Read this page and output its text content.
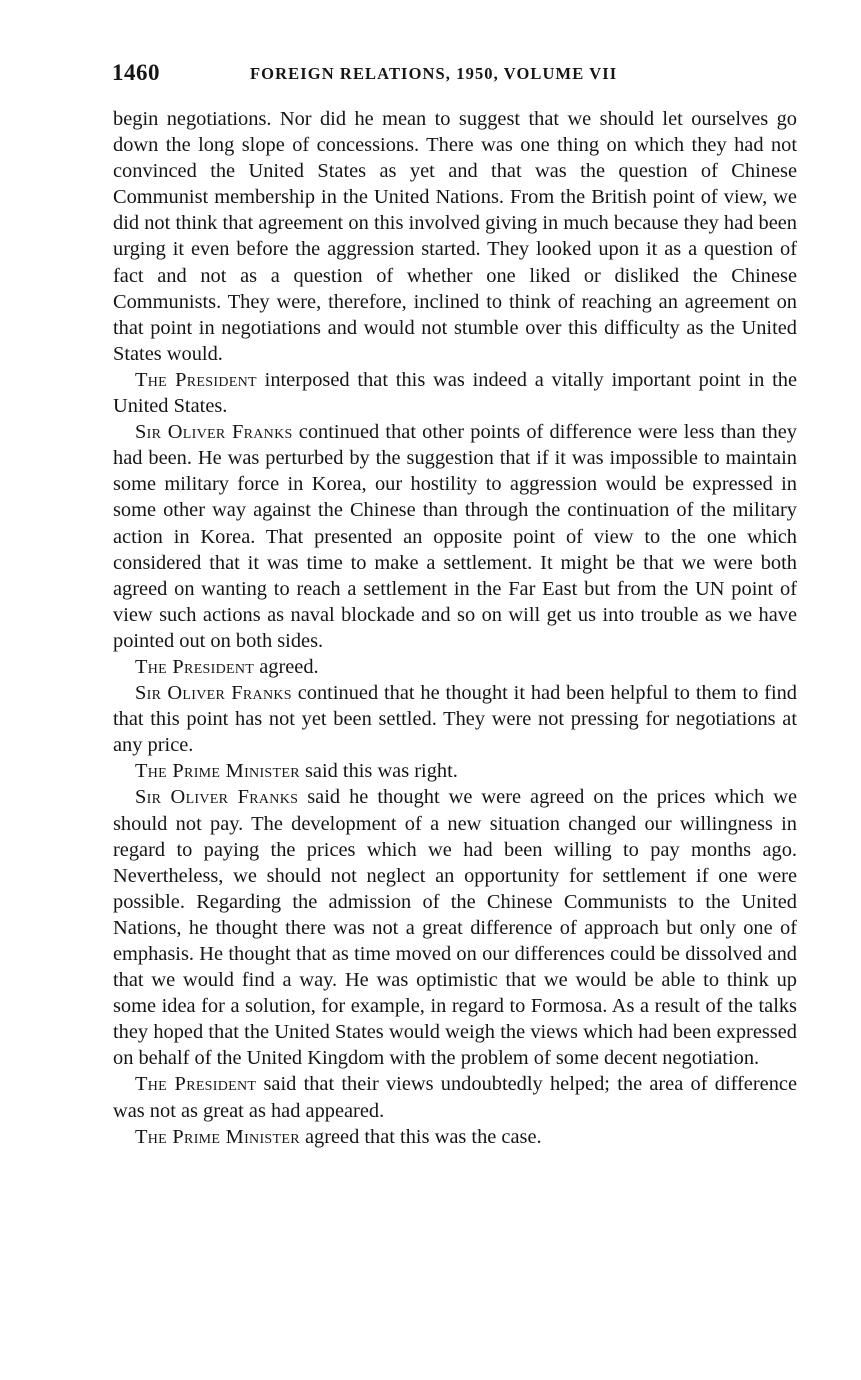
1460	FOREIGN RELATIONS, 1950, VOLUME VII

begin negotiations. Nor did he mean to suggest that we should let ourselves go down the long slope of concessions. There was one thing on which they had not convinced the United States as yet and that was the question of Chinese Communist membership in the United Nations. From the British point of view, we did not think that agreement on this involved giving in much because they had been urging it even before the aggression started. They looked upon it as a question of fact and not as a question of whether one liked or disliked the Chinese Communists. They were, therefore, inclined to think of reaching an agreement on that point in negotiations and would not stumble over this difficulty as the United States would.

The President interposed that this was indeed a vitally important point in the United States.

Sir Oliver Franks continued that other points of difference were less than they had been. He was perturbed by the suggestion that if it was impossible to maintain some military force in Korea, our hostility to aggression would be expressed in some other way against the Chinese than through the continuation of the military action in Korea. That presented an opposite point of view to the one which considered that it was time to make a settlement. It might be that we were both agreed on wanting to reach a settlement in the Far East but from the UN point of view such actions as naval blockade and so on will get us into trouble as we have pointed out on both sides.

The President agreed.

Sir Oliver Franks continued that he thought it had been helpful to them to find that this point has not yet been settled. They were not pressing for negotiations at any price.

The Prime Minister said this was right.

Sir Oliver Franks said he thought we were agreed on the prices which we should not pay. The development of a new situation changed our willingness in regard to paying the prices which we had been willing to pay months ago. Nevertheless, we should not neglect an opportunity for settlement if one were possible. Regarding the admission of the Chinese Communists to the United Nations, he thought there was not a great difference of approach but only one of emphasis. He thought that as time moved on our differences could be dissolved and that we would find a way. He was optimistic that we would be able to think up some idea for a solution, for example, in regard to Formosa. As a result of the talks they hoped that the United States would weigh the views which had been expressed on behalf of the United Kingdom with the problem of some decent negotiation.

The President said that their views undoubtedly helped; the area of difference was not as great as had appeared.

The Prime Minister agreed that this was the case.
